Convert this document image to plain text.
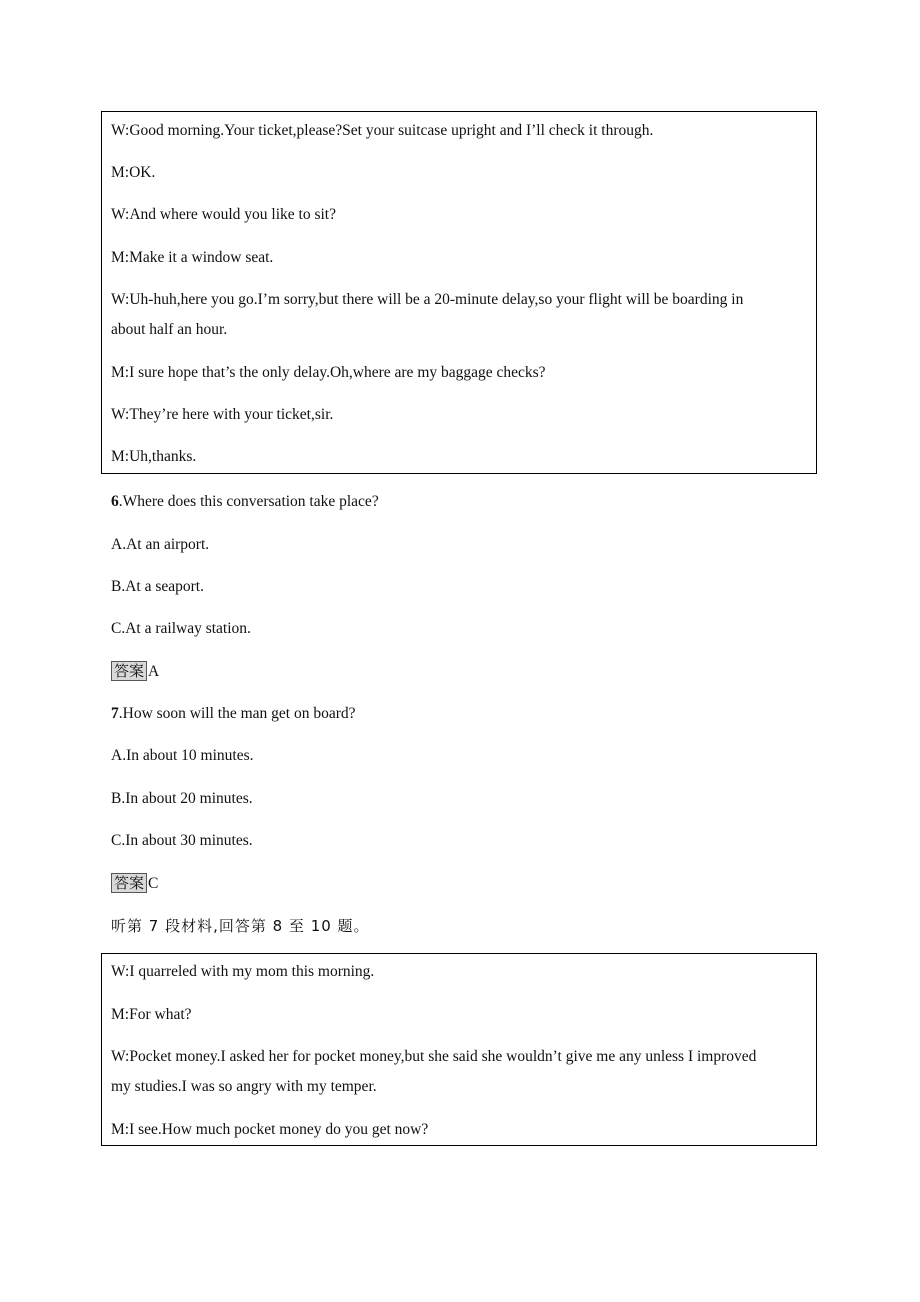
W:Good morning.Your ticket,please?Set your suitcase upright and I’ll check it through.
M:OK.
W:And where would you like to sit?
M:Make it a window seat.
W:Uh-huh,here you go.I’m sorry,but there will be a 20-minute delay,so your flight will be boarding in
about half an hour.
M:I sure hope that’s the only delay.Oh,where are my baggage checks?
W:They’re here with your ticket,sir.
M:Uh,thanks.
6.Where does this conversation take place?
A.At an airport.
B.At a seaport.
C.At a railway station.
答案 A
7.How soon will the man get on board?
A.In about 10 minutes.
B.In about 20 minutes.
C.In about 30 minutes.
答案 C
听第 7 段材料,回答第 8 至 10 题。
W:I quarreled with my mom this morning.
M:For what?
W:Pocket money.I asked her for pocket money,but she said she wouldn’t give me any unless I improved
my studies.I was so angry with my temper.
M:I see.How much pocket money do you get now?
